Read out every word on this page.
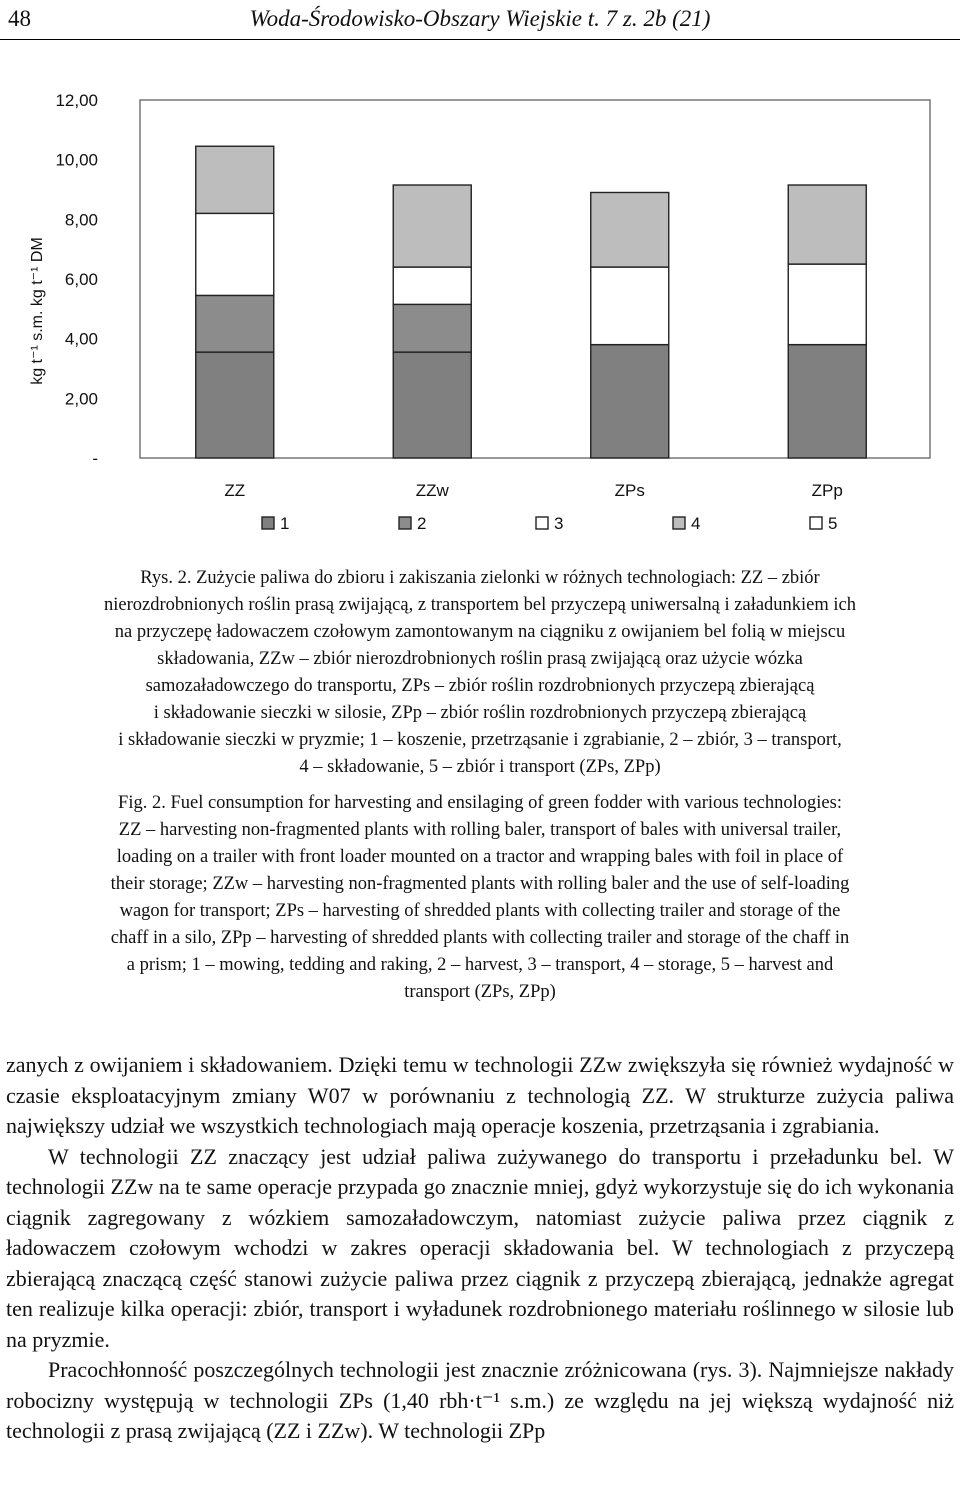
48	Woda-Środowisko-Obszary Wiejskie t. 7 z. 2b (21)
-
2,00
4,00
6,00
8,00
10,00
12,00
kg t⁻¹ s.m. kg t⁻¹ DM
ZZ	ZZw	ZPs	ZPp
1	2	3	4	5

Rys. 2. Zużycie paliwa do zbioru i zakiszania zielonki w różnych technologiach: ZZ – zbiór

nierozdrobnionych roślin prasą zwijającą, z transportem bel przyczepą uniwersalną i załadunkiem ich

na przyczepę ładowaczem czołowym zamontowanym na ciągniku z owijaniem bel folią w miejscu

składowania, ZZw – zbiór nierozdrobnionych roślin prasą zwijającą oraz użycie wózka

samozaładowczego do transportu, ZPs – zbiór roślin rozdrobnionych przyczepą zbierającą

i składowanie sieczki w silosie, ZPp – zbiór roślin rozdrobnionych przyczepą zbierającą

i składowanie sieczki w pryzmie; 1 – koszenie, przetrząsanie i zgrabianie, 2 – zbiór, 3 – transport,

4 – składowanie, 5 – zbiór i transport (ZPs, ZPp)

Fig. 2. Fuel consumption for harvesting and ensilaging of green fodder with various technologies:

ZZ – harvesting non-fragmented plants with rolling baler, transport of bales with universal trailer,

loading on a trailer with front loader mounted on a tractor and wrapping bales with foil in place of

their storage; ZZw – harvesting non-fragmented plants with rolling baler and the use of self-loading

wagon for transport; ZPs – harvesting of shredded plants with collecting trailer and storage of the

chaff in a silo, ZPp – harvesting of shredded plants with collecting trailer and storage of the chaff in

a prism; 1 – mowing, tedding and raking, 2 – harvest, 3 – transport, 4 – storage, 5 – harvest and

transport (ZPs, ZPp)

zanych z owijaniem i składowaniem. Dzięki temu w technologii ZZw zwiększyła się również wydajność w czasie eksploatacyjnym zmiany W07 w porównaniu z technologią ZZ. W strukturze zużycia paliwa największy udział we wszystkich technologiach mają operacje koszenia, przetrząsania i zgrabiania.

W technologii ZZ znaczący jest udział paliwa zużywanego do transportu i przeładunku bel. W technologii ZZw na te same operacje przypada go znacznie mniej, gdyż wykorzystuje się do ich wykonania ciągnik zagregowany z wózkiem samozaładowczym, natomiast zużycie paliwa przez ciągnik z ładowaczem czołowym wchodzi w zakres operacji składowania bel. W technologiach z przyczepą zbierającą znaczącą część stanowi zużycie paliwa przez ciągnik z przyczepą zbierającą, jednakże agregat ten realizuje kilka operacji: zbiór, transport i wyładunek rozdrobnionego materiału roślinnego w silosie lub na pryzmie.

Pracochłonność poszczególnych technologii jest znacznie zróżnicowana (rys. 3). Najmniejsze nakłady robocizny występują w technologii ZPs (1,40 rbh·t⁻¹ s.m.) ze względu na jej większą wydajność niż technologii z prasą zwijającą (ZZ i ZZw). W technologii ZPp
